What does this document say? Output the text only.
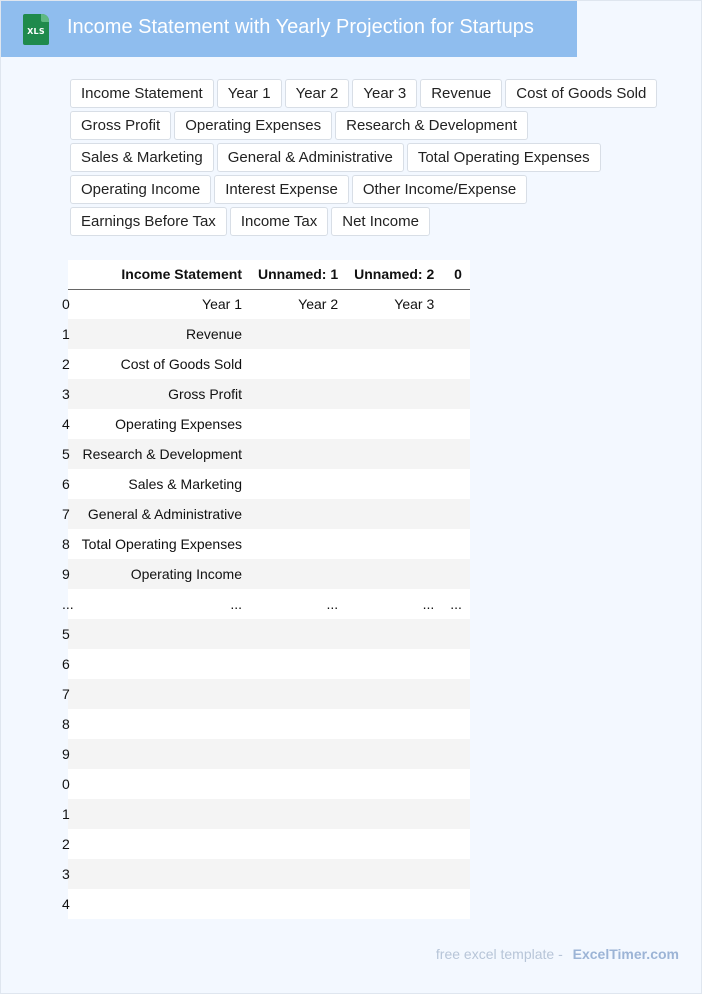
XLS Income Statement with Yearly Projection for Startups
Income Statement	Year 1	Year 2	Year 3	Revenue	Cost of Goods Sold
Gross Profit	Operating Expenses	Research & Development
Sales & Marketing	General & Administrative	Total Operating Expenses
Operating Income	Interest Expense	Other Income/Expense
Earnings Before Tax	Income Tax	Net Income
	Income Statement	Unnamed: 1	Unnamed: 2	0
0	Year 1	Year 2	Year 3	
1	Revenue			
2	Cost of Goods Sold			
3	Gross Profit			
4	Operating Expenses			
5	Research & Development			
6	Sales & Marketing			
7	General & Administrative			
8	Total Operating Expenses			
9	Operating Income			
...	...	...	...	...
5				
6				
7				
8				
9				
0				
1				
2				
3				
4				
free excel template - ExcelTimer.com
